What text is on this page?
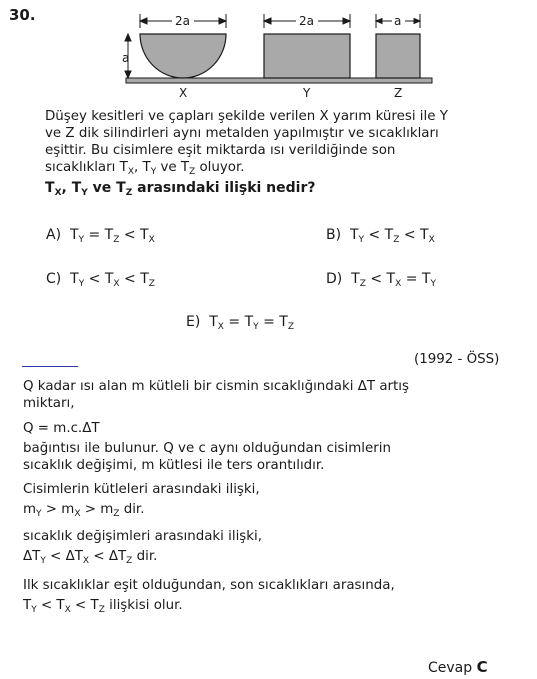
30.
a
2a	2a	a
X	Y	Z

Düşey kesitleri ve çapları şekilde verilen X yarım küresi ile Y

ve Z dik silindirleri aynı metalden yapılmıştır ve sıcaklıkları

eşittir. Bu cisimlere eşit miktarda ısı verildiğinde son

sıcaklıkları $T_X$, $T_Y$ ve $T_Z$ oluyor.

$T_X$, $T_Y$ ve $T_Z$ arasındaki ilişki nedir?
A) $T_Y = T_Z < T_X$	B) $T_Y < T_Z < T_X$
C) $T_Y < T_X < T_Z$	D) $T_Z < T_X = T_Y$
E) $T_X = T_Y = T_Z$
(1992 - ÖSS)

Q kadar ısı alan m kütleli bir cismin sıcaklığındaki ΔT artış

miktarı,

Q = m.c.ΔT

bağıntısı ile bulunur. Q ve c aynı olduğundan cisimlerin

sıcaklık değişimi, m kütlesi ile ters orantılıdır.

Cisimlerin kütleleri arasındaki ilişki,
$m_Y > m_X > m_Z$ dir.
sıcaklık değişimleri arasındaki ilişki,
$\Delta T_Y < \Delta T_X < \Delta T_Z$ dir.
Ilk sıcaklıklar eşit olduğundan, son sıcaklıkları arasında,
$T_Y < T_X < T_Z$ ilişkisi olur.
Cevap C
